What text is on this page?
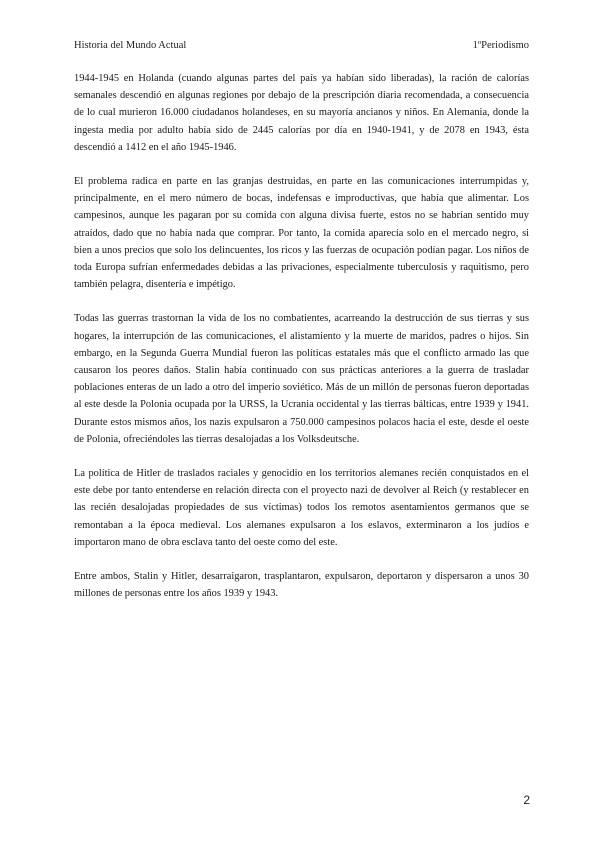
Historia del Mundo Actual	1ºPeriodismo

1944-1945 en Holanda (cuando algunas partes del país ya habían sido liberadas), la ración de calorías semanales descendió en algunas regiones por debajo de la prescripción diaria recomendada, a consecuencia de lo cual murieron 16.000 ciudadanos holandeses, en su mayoría ancianos y niños. En Alemania, donde la ingesta media por adulto había sido de 2445 calorías por día en 1940-1941, y de 2078 en 1943, ésta descendió a 1412 en el año 1945-1946.

El problema radica en parte en las granjas destruidas, en parte en las comunicaciones interrumpidas y, principalmente, en el mero número de bocas, indefensas e improductivas, que había que alimentar. Los campesinos, aunque les pagaran por su comida con alguna divisa fuerte, estos no se habrían sentido muy atraídos, dado que no había nada que comprar. Por tanto, la comida aparecía solo en el mercado negro, si bien a unos precios que solo los delincuentes, los ricos y las fuerzas de ocupación podían pagar. Los niños de toda Europa sufrían enfermedades debidas a las privaciones, especialmente tuberculosis y raquitismo, pero también pelagra, disentería e impétigo.

Todas las guerras trastornan la vida de los no combatientes, acarreando la destrucción de sus tierras y sus hogares, la interrupción de las comunicaciones, el alistamiento y la muerte de maridos, padres o hijos. Sin embargo, en la Segunda Guerra Mundial fueron las políticas estatales más que el conflicto armado las que causaron los peores daños. Stalin había continuado con sus prácticas anteriores a la guerra de trasladar poblaciones enteras de un lado a otro del imperio soviético. Más de un millón de personas fueron deportadas al este desde la Polonia ocupada por la URSS, la Ucrania occidental y las tierras bálticas, entre 1939 y 1941. Durante estos mismos años, los nazis expulsaron a 750.000 campesinos polacos hacia el este, desde el oeste de Polonia, ofreciéndoles las tierras desalojadas a los Volksdeutsche.

La política de Hitler de traslados raciales y genocidio en los territorios alemanes recién conquistados en el este debe por tanto entenderse en relación directa con el proyecto nazi de devolver al Reich (y restablecer en las recién desalojadas propiedades de sus víctimas) todos los remotos asentamientos germanos que se remontaban a la época medieval. Los alemanes expulsaron a los eslavos, exterminaron a los judíos e importaron mano de obra esclava tanto del oeste como del este.

Entre ambos, Stalin y Hitler, desarraigaron, trasplantaron, expulsaron, deportaron y dispersaron a unos 30 millones de personas entre los años 1939 y 1943.

2
